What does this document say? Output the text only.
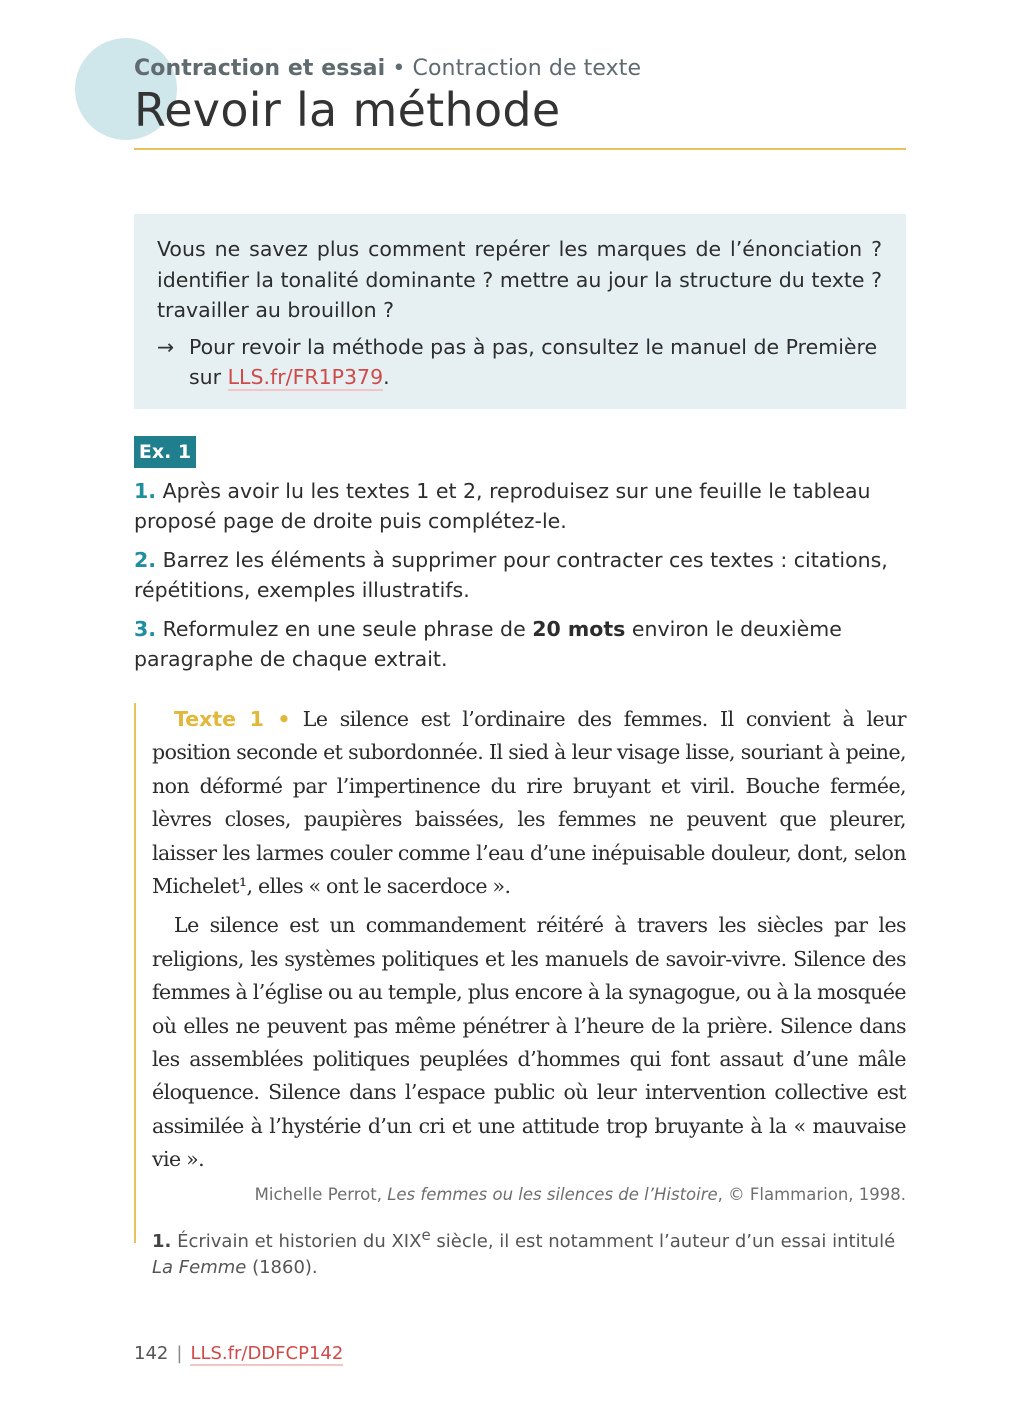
Contraction et essai • Contraction de texte
Revoir la méthode

Vous ne savez plus comment repérer les marques de l’énonciation ? identifier la tonalité dominante ? mettre au jour la structure du texte ? travailler au brouillon ?

→ Pour revoir la méthode pas à pas, consultez le manuel de Première sur LLS.fr/FR1P379.

Ex. 1

1. Après avoir lu les textes 1 et 2, reproduisez sur une feuille le tableau proposé page de droite puis complétez-le.

2. Barrez les éléments à supprimer pour contracter ces textes : citations, répétitions, exemples illustratifs.

3. Reformulez en une seule phrase de 20 mots environ le deuxième paragraphe de chaque extrait.

Texte 1 • Le silence est l’ordinaire des femmes. Il convient à leur position seconde et subordonnée. Il sied à leur visage lisse, souriant à peine, non déformé par l’impertinence du rire bruyant et viril. Bouche fermée, lèvres closes, paupières baissées, les femmes ne peuvent que pleurer, laisser les larmes couler comme l’eau d’une inépuisable douleur, dont, selon Michelet¹, elles « ont le sacerdoce ».

Le silence est un commandement réitéré à travers les siècles par les religions, les systèmes politiques et les manuels de savoir-vivre. Silence des femmes à l’église ou au temple, plus encore à la synagogue, ou à la mosquée où elles ne peuvent pas même pénétrer à l’heure de la prière. Silence dans les assemblées politiques peuplées d’hommes qui font assaut d’une mâle éloquence. Silence dans l’espace public où leur intervention collective est assimilée à l’hystérie d’un cri et une attitude trop bruyante à la « mauvaise vie ».

Michelle Perrot, Les femmes ou les silences de l’Histoire, © Flammarion, 1998.

1. Écrivain et historien du XIXe siècle, il est notamment l’auteur d’un essai intitulé La Femme (1860).

142 | LLS.fr/DDFCP142
